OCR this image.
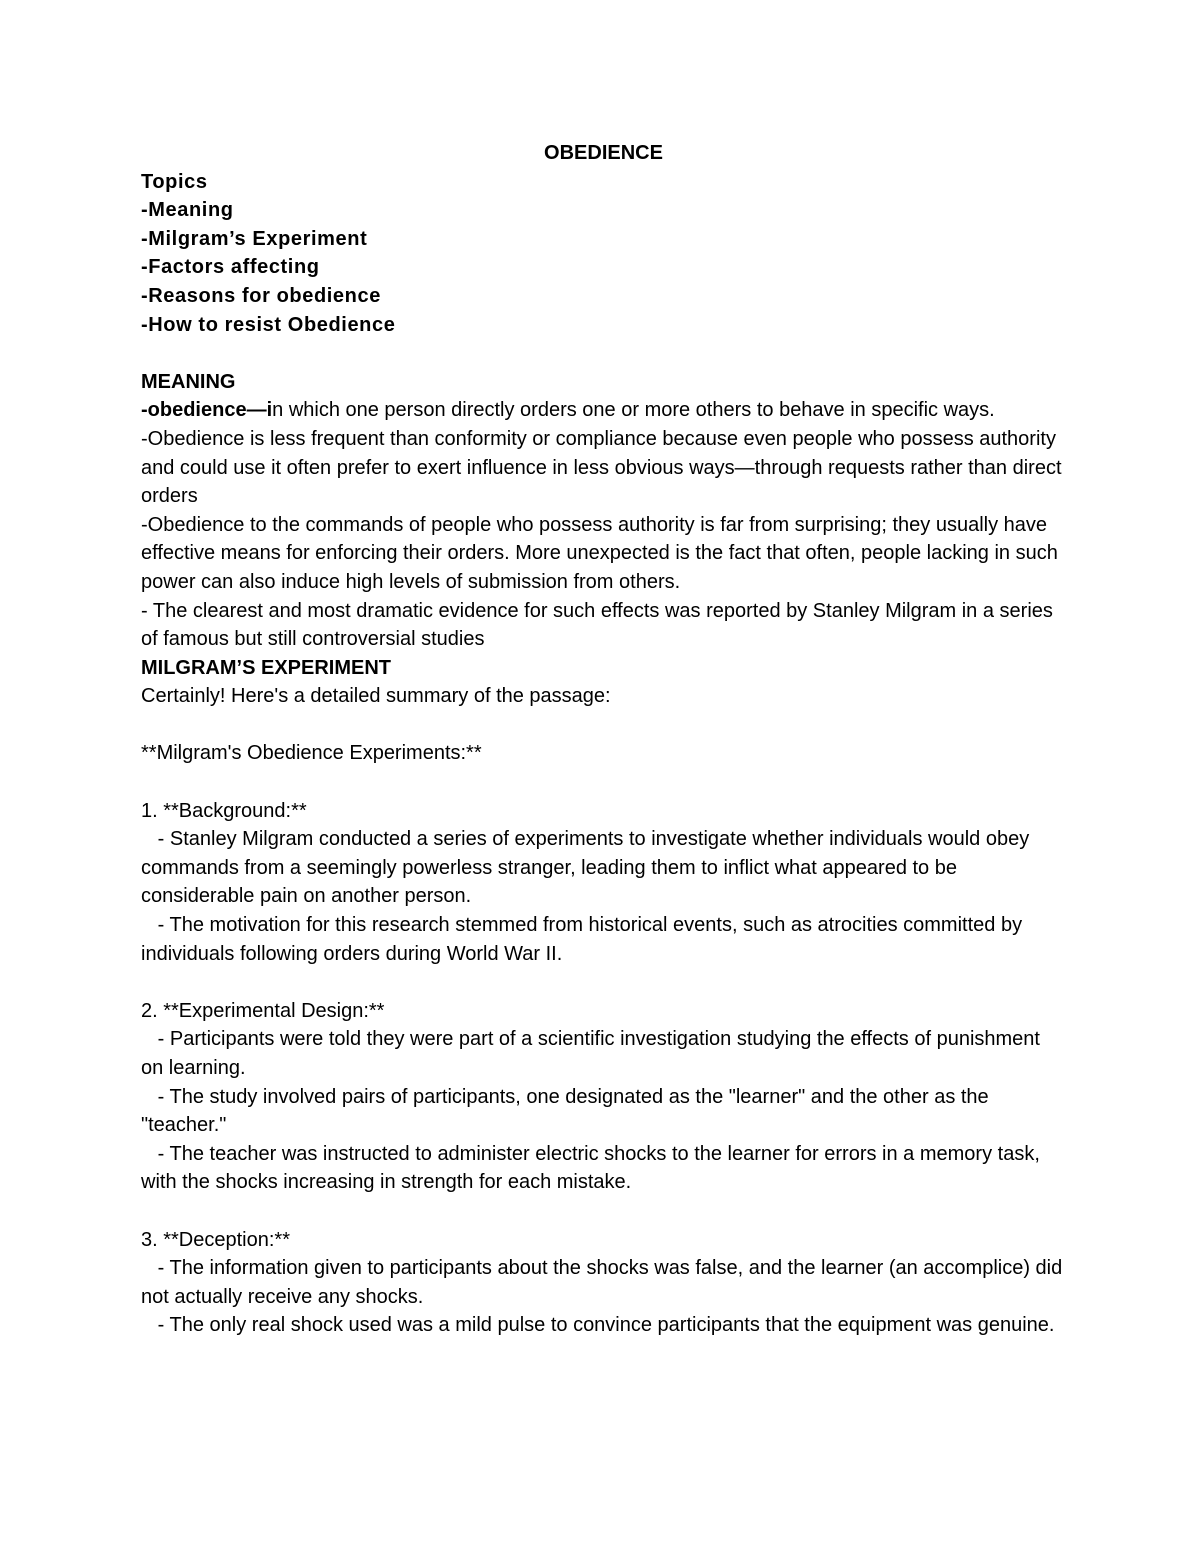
OBEDIENCE

Topics

-Meaning

-Milgram’s Experiment

-Factors affecting

-Reasons for obedience

-How to resist Obedience

MEANING

-obedience—in which one person directly orders one or more others to behave in specific ways.

-Obedience is less frequent than conformity or compliance because even people who possess authority and could use it often prefer to exert influence in less obvious ways—through requests rather than direct orders

-Obedience to the commands of people who possess authority is far from surprising; they usually have effective means for enforcing their orders. More unexpected is the fact that often, people lacking in such power can also induce high levels of submission from others.

- The clearest and most dramatic evidence for such effects was reported by Stanley Milgram in a series of famous but still controversial studies

MILGRAM’S EXPERIMENT

Certainly! Here's a detailed summary of the passage:

**Milgram's Obedience Experiments:**

1. **Background:**

- Stanley Milgram conducted a series of experiments to investigate whether individuals would obey commands from a seemingly powerless stranger, leading them to inflict what appeared to be considerable pain on another person.

- The motivation for this research stemmed from historical events, such as atrocities committed by individuals following orders during World War II.

2. **Experimental Design:**

- Participants were told they were part of a scientific investigation studying the effects of punishment on learning.

- The study involved pairs of participants, one designated as the "learner" and the other as the "teacher."

- The teacher was instructed to administer electric shocks to the learner for errors in a memory task, with the shocks increasing in strength for each mistake.

3. **Deception:**

- The information given to participants about the shocks was false, and the learner (an accomplice) did not actually receive any shocks.

- The only real shock used was a mild pulse to convince participants that the equipment was genuine.
